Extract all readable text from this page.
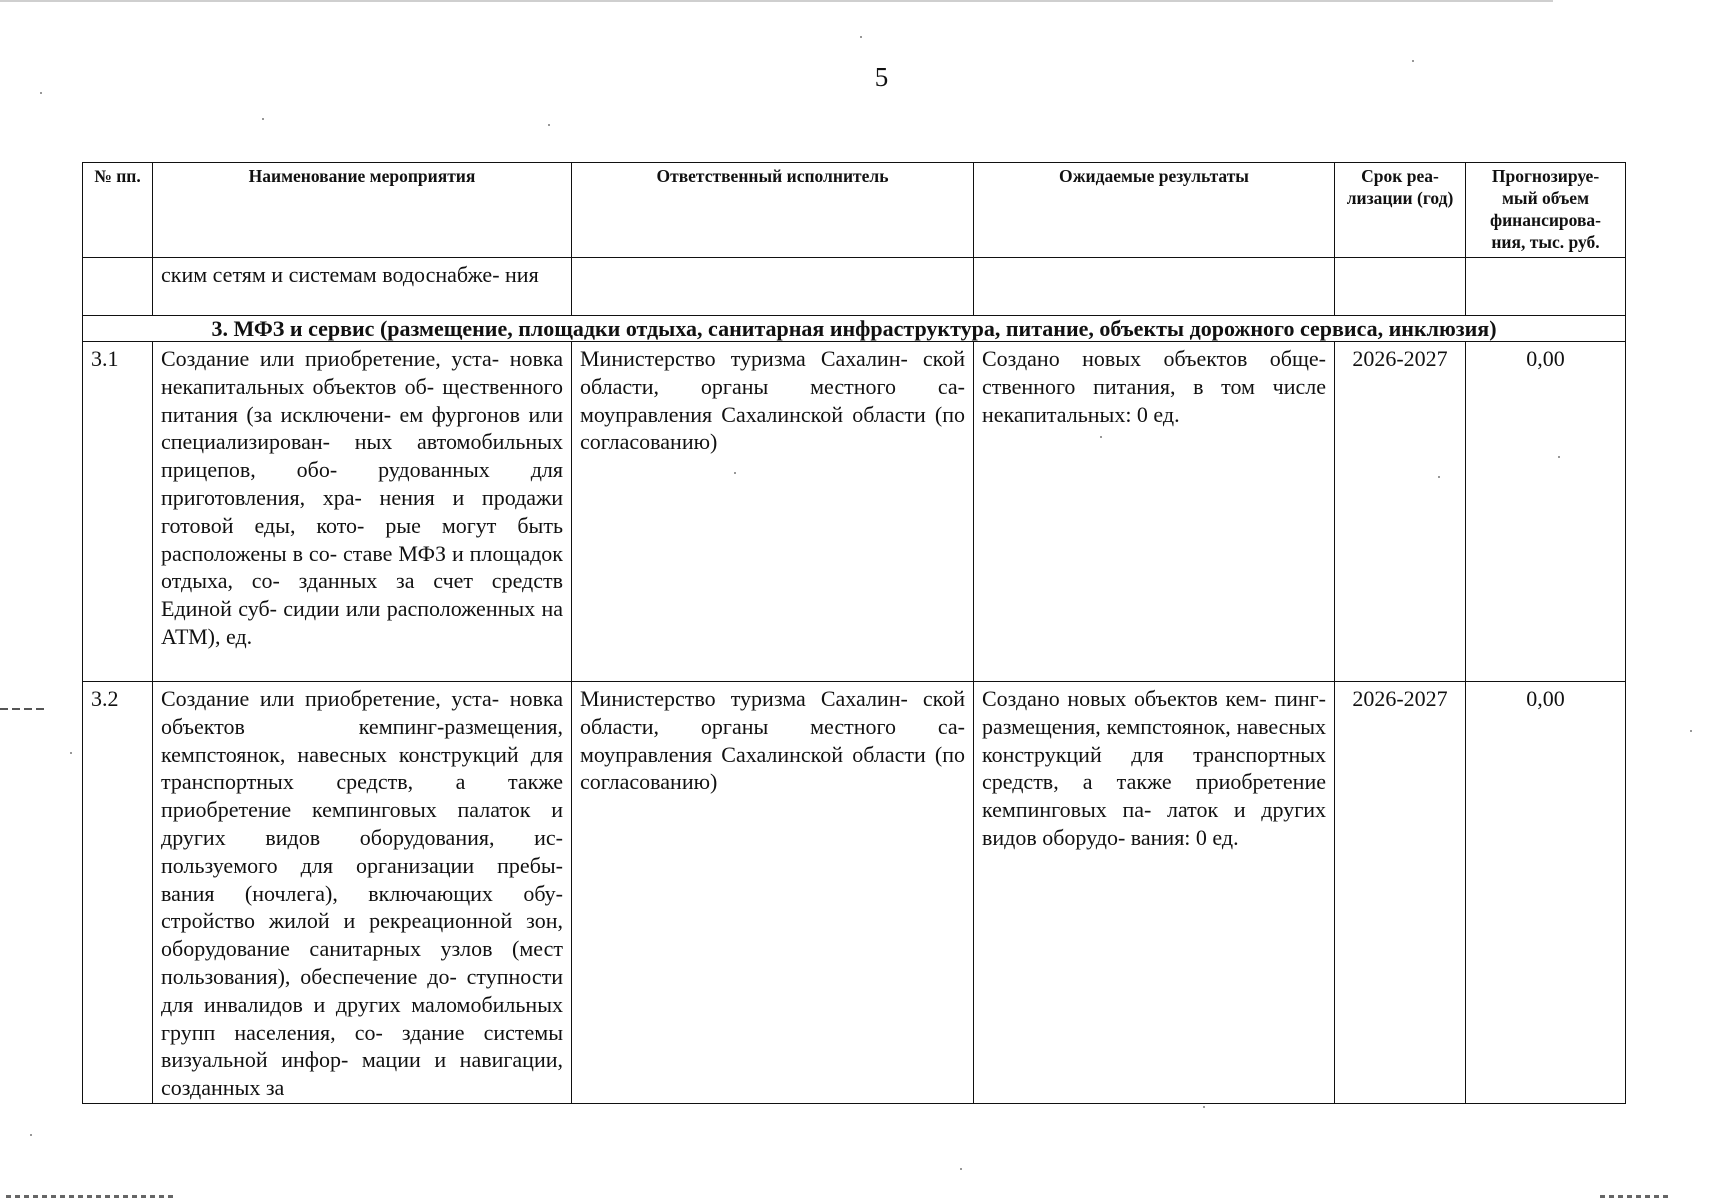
5
№ пп.	Наименование мероприятия	Ответственный исполнитель	Ожидаемые результаты	Срок реа- лизации (год)	Прогнозируе- мый объем финансирова- ния, тыс. руб.
	ским сетям и системам водоснабже- ния				
3. МФЗ и сервис (размещение, площадки отдыха, санитарная инфраструктура, питание, объекты дорожного сервиса, инклюзия)					
3.1	Создание или приобретение, уста- новка некапитальных объектов об- щественного питания (за исключени- ем фургонов или специализирован- ных автомобильных прицепов, обо- рудованных для приготовления, хра- нения и продажи готовой еды, кото- рые могут быть расположены в со- ставе МФЗ и площадок отдыха, со- зданных за счет средств Единой суб- сидии или расположенных на АТМ), ед.	Министерство туризма Сахалин- ской области, органы местного са- моуправления Сахалинской области (по согласованию)	Создано новых объектов обще- ственного питания, в том числе некапитальных: 0 ед.	2026-2027	0,00
3.2	Создание или приобретение, уста- новка объектов кемпинг-размещения, кемпстоянок, навесных конструкций для транспортных средств, а также приобретение кемпинговых палаток и других видов оборудования, ис- пользуемого для организации пребы- вания (ночлега), включающих обу- стройство жилой и рекреационной зон, оборудование санитарных узлов (мест пользования), обеспечение до- ступности для инвалидов и других маломобильных групп населения, со- здание системы визуальной инфор- мации и навигации, созданных за	Министерство туризма Сахалин- ской области, органы местного са- моуправления Сахалинской области (по согласованию)	Создано новых объектов кем- пинг-размещения, кемпстоянок, навесных конструкций для транспортных средств, а также приобретение кемпинговых па- латок и других видов оборудо- вания: 0 ед.	2026-2027	0,00
